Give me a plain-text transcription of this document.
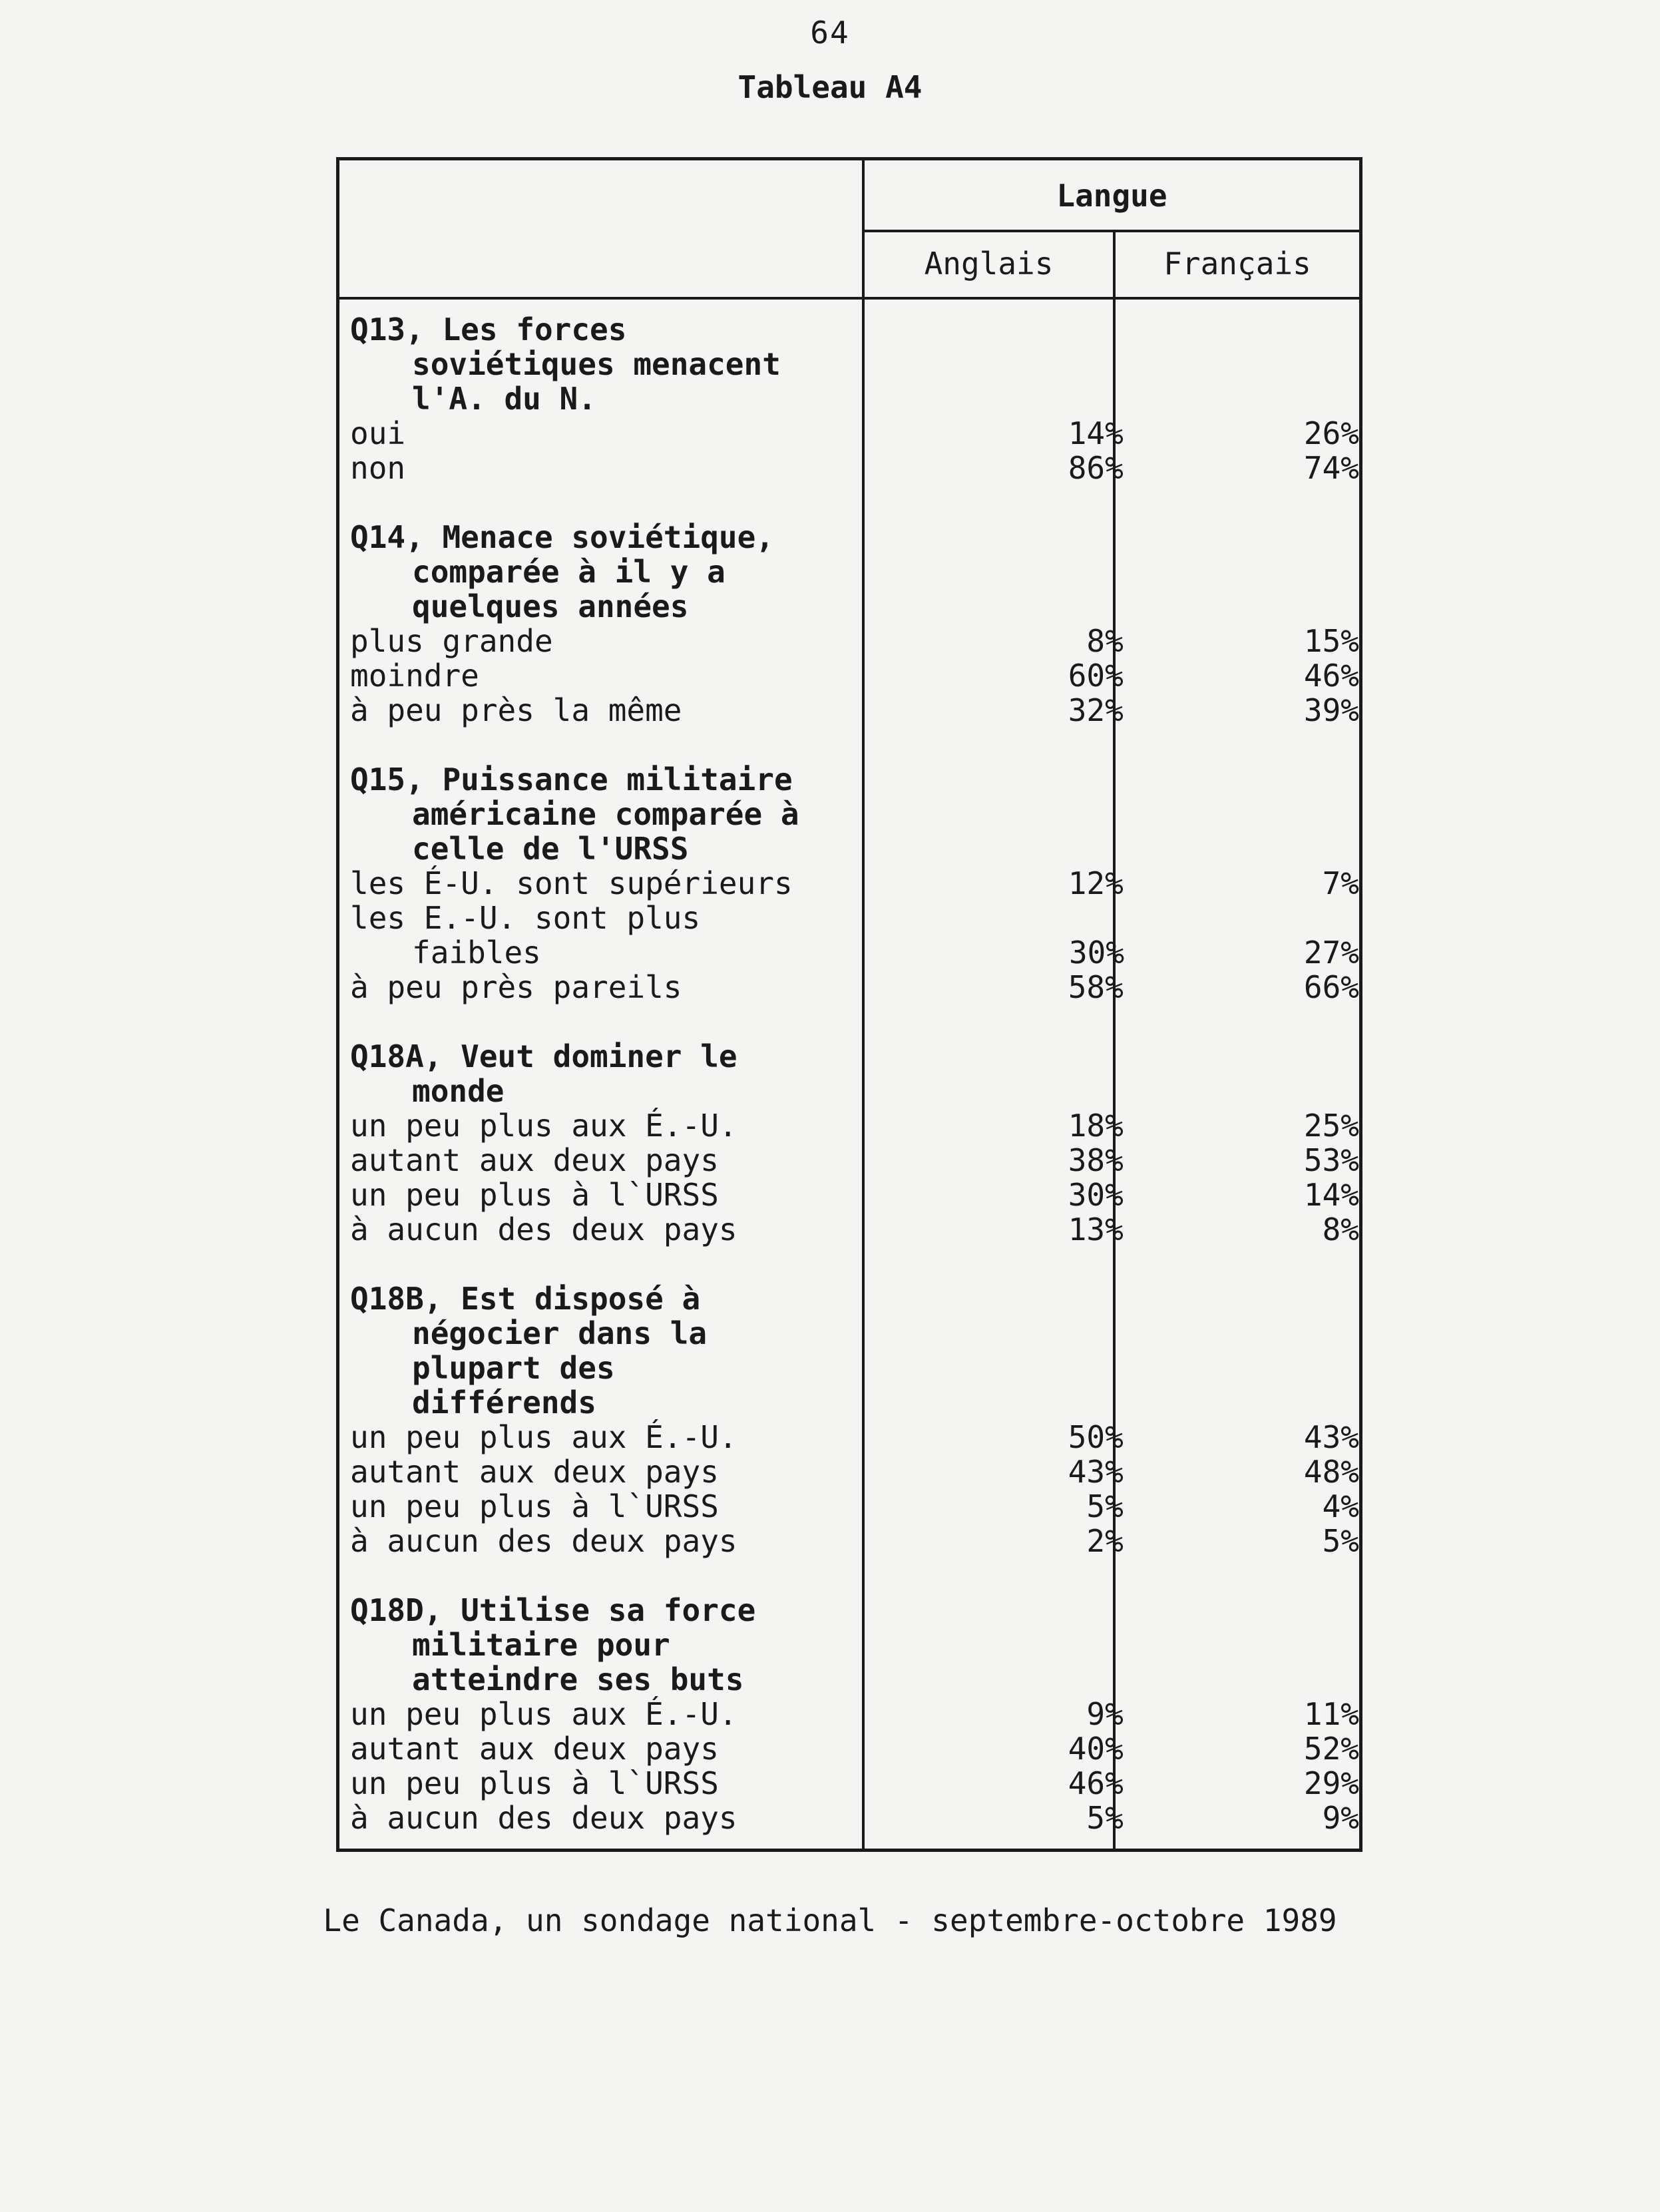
64
Tableau A4
Langue
Anglais	Français
Q13, Les forces
soviétiques menacent
l'A. du N.
oui	14%	26%
non	86%	74%
Q14, Menace soviétique,
comparée à il y a
quelques années
plus grande	8%	15%
moindre	60%	46%
à peu près la même	32%	39%
Q15, Puissance militaire
américaine comparée à
celle de l'URSS
les É-U. sont supérieurs	12%	7%
les E.-U. sont plus
faibles	30%	27%
à peu près pareils	58%	66%
Q18A, Veut dominer le
monde
un peu plus aux É.-U.	18%	25%
autant aux deux pays	38%	53%
un peu plus à l`URSS	30%	14%
à aucun des deux pays	13%	8%
Q18B, Est disposé à
négocier dans la
plupart des
différends
un peu plus aux É.-U.	50%	43%
autant aux deux pays	43%	48%
un peu plus à l`URSS	5%	4%
à aucun des deux pays	2%	5%
Q18D, Utilise sa force
militaire pour
atteindre ses buts
un peu plus aux É.-U.	9%	11%
autant aux deux pays	40%	52%
un peu plus à l`URSS	46%	29%
à aucun des deux pays	5%	9%
Le Canada, un sondage national - septembre-octobre 1989
